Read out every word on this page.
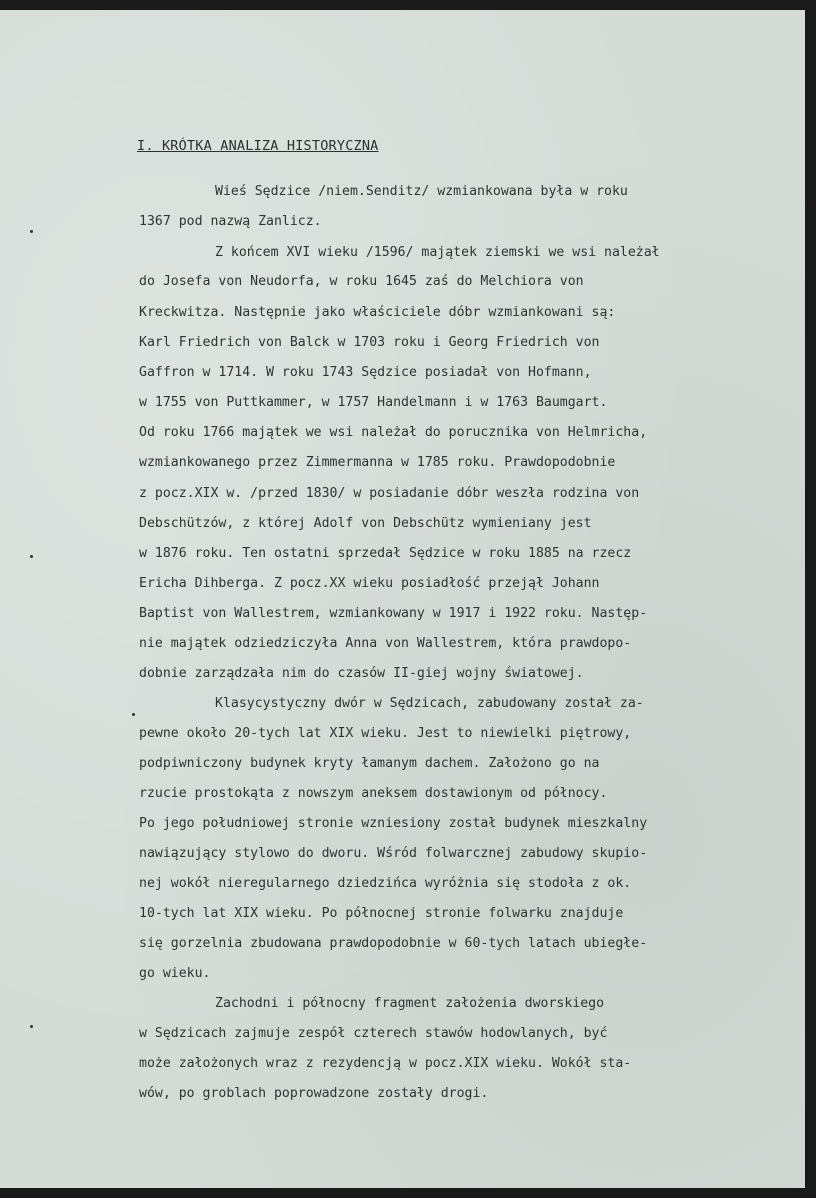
I. KRÓTKA ANALIZA HISTORYCZNA

Wieś Sędzice /niem.Senditz/ wzmiankowana była w roku

1367 pod nazwą Zanlicz.

Z końcem XVI wieku /1596/ majątek ziemski we wsi należał

do Josefa von Neudorfa, w roku 1645 zaś do Melchiora von

Kreckwitza. Następnie jako właściciele dóbr wzmiankowani są:

Karl Friedrich von Balck w 1703 roku i Georg Friedrich von

Gaffron w 1714. W roku 1743 Sędzice posiadał von Hofmann,

w 1755 von Puttkammer, w 1757 Handelmann i w 1763 Baumgart.

Od roku 1766 majątek we wsi należał do porucznika von Helmricha,

wzmiankowanego przez Zimmermanna w 1785 roku. Prawdopodobnie

z pocz.XIX w. /przed 1830/ w posiadanie dóbr weszła rodzina von

Debschützów, z której Adolf von Debschütz wymieniany jest

w 1876 roku. Ten ostatni sprzedał Sędzice w roku 1885 na rzecz

Ericha Dihberga. Z pocz.XX wieku posiadłość przejął Johann

Baptist von Wallestrem, wzmiankowany w 1917 i 1922 roku. Następ-

nie majątek odziedziczyła Anna von Wallestrem, która prawdopo-

dobnie zarządzała nim do czasów II-giej wojny światowej.

Klasycystyczny dwór w Sędzicach, zabudowany został za-

pewne około 20-tych lat XIX wieku. Jest to niewielki piętrowy,

podpiwniczony budynek kryty łamanym dachem. Założono go na

rzucie prostokąta z nowszym aneksem dostawionym od północy.

Po jego południowej stronie wzniesiony został budynek mieszkalny

nawiązujący stylowo do dworu. Wśród folwarcznej zabudowy skupio-

nej wokół nieregularnego dziedzińca wyróżnia się stodoła z ok.

10-tych lat XIX wieku. Po północnej stronie folwarku znajduje

się gorzelnia zbudowana prawdopodobnie w 60-tych latach ubiegłe-

go wieku.

Zachodni i północny fragment założenia dworskiego

w Sędzicach zajmuje zespół czterech stawów hodowlanych, być

może założonych wraz z rezydencją w pocz.XIX wieku. Wokół sta-

wów, po groblach poprowadzone zostały drogi.
